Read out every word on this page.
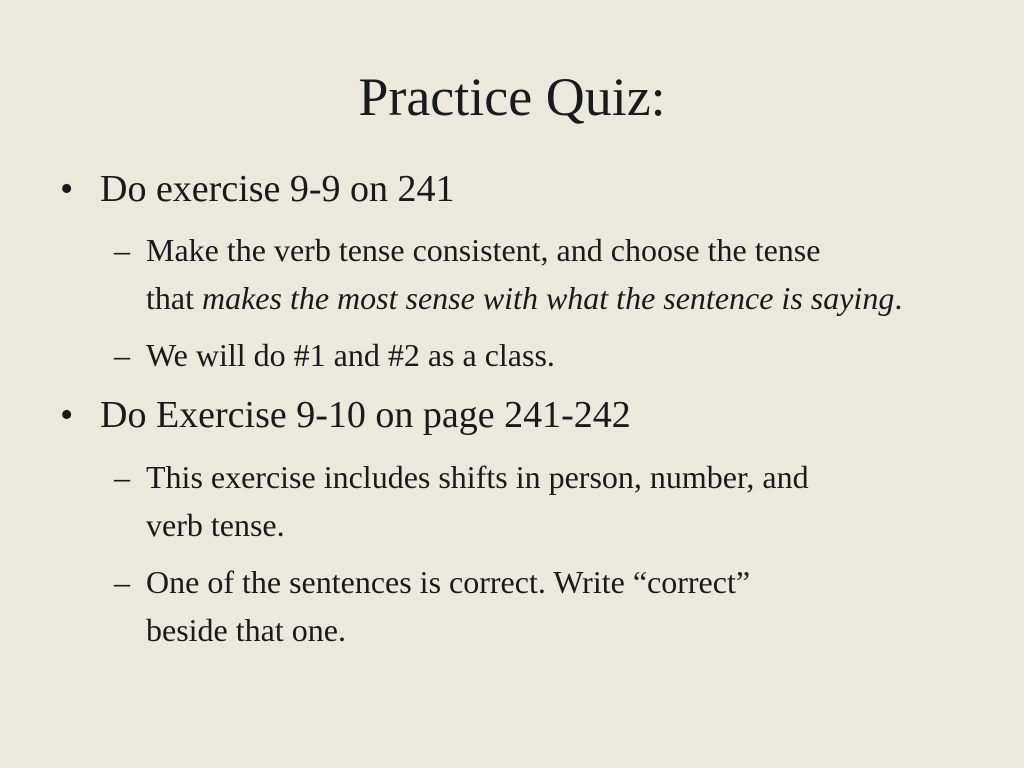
Practice Quiz:
• Do exercise 9-9 on 241
– Make the verb tense consistent, and choose the tense
that makes the most sense with what the sentence is saying.
– We will do #1 and #2 as a class.
• Do Exercise 9-10 on page 241-242
– This exercise includes shifts in person, number, and
verb tense.
– One of the sentences is correct. Write “correct”
beside that one.
